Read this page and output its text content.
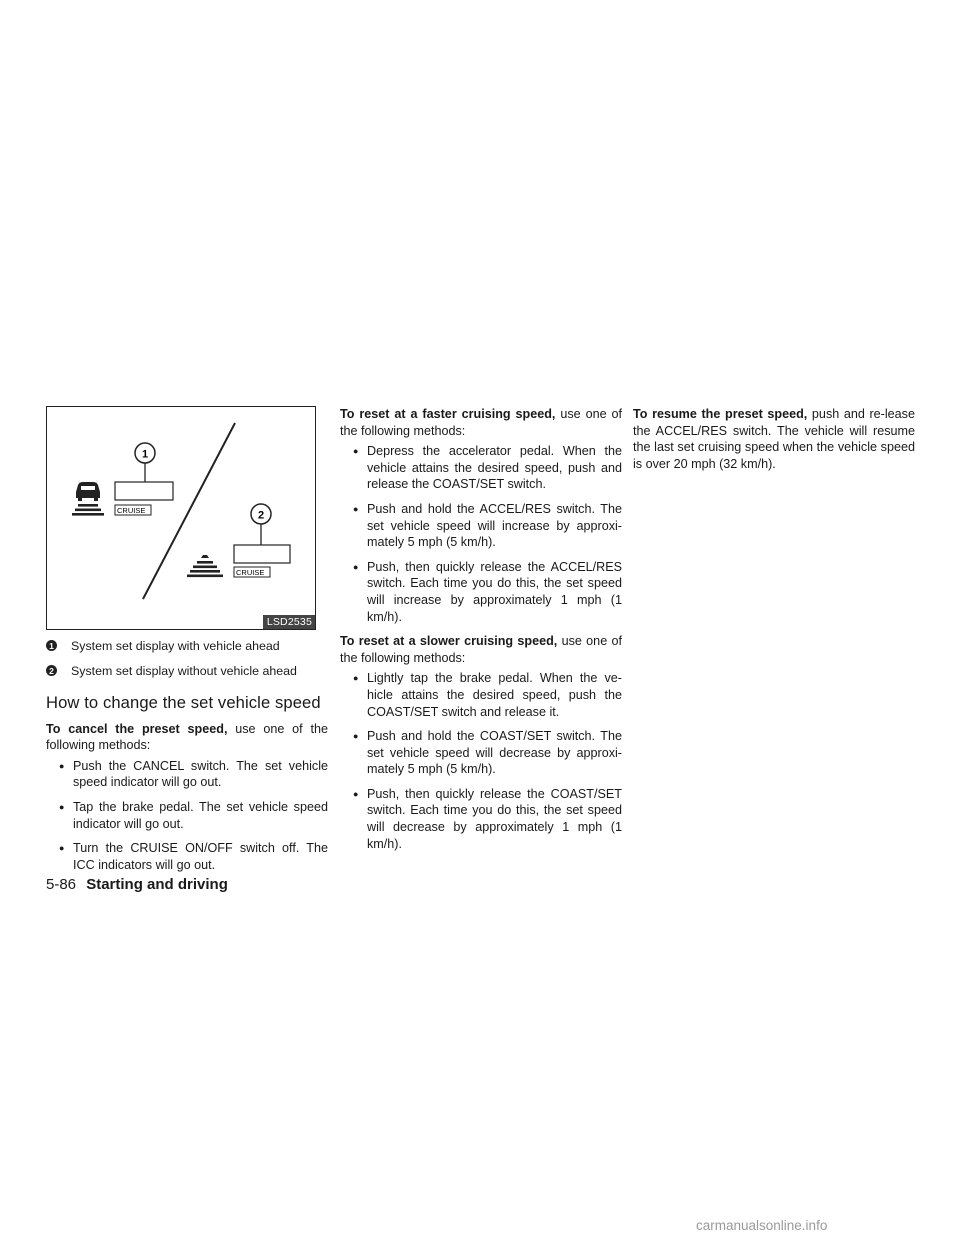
1
CRUISE	2
CRUISE
LSD2535
1 System set display with vehicle ahead
2 System set display without vehicle ahead
How to change the set vehicle speed

To cancel the preset speed, use one of the following methods:

● Push the CANCEL switch. The set vehicle speed indicator will go out.
● Tap the brake pedal. The set vehicle speed indicator will go out.
● Turn the CRUISE ON/OFF switch off. The ICC indicators will go out.

To reset at a faster cruising speed, use one of the following methods:

● Depress the accelerator pedal. When the vehicle attains the desired speed, push and release the COAST/SET switch.
● Push and hold the ACCEL/RES switch. The set vehicle speed will increase by approxi-mately 5 mph (5 km/h).
● Push, then quickly release the ACCEL/RES switch. Each time you do this, the set speed will increase by approximately 1 mph (1 km/h).

To reset at a slower cruising speed, use one of the following methods:

● Lightly tap the brake pedal. When the ve-hicle attains the desired speed, push the COAST/SET switch and release it.
● Push and hold the COAST/SET switch. The set vehicle speed will decrease by approxi-mately 5 mph (5 km/h).
● Push, then quickly release the COAST/SET switch. Each time you do this, the set speed will decrease by approximately 1 mph (1 km/h).

To resume the preset speed, push and re-lease the ACCEL/RES switch. The vehicle will resume the last set cruising speed when the vehicle speed is over 20 mph (32 km/h).

5-86 Starting and driving
carmanualsonline.info
